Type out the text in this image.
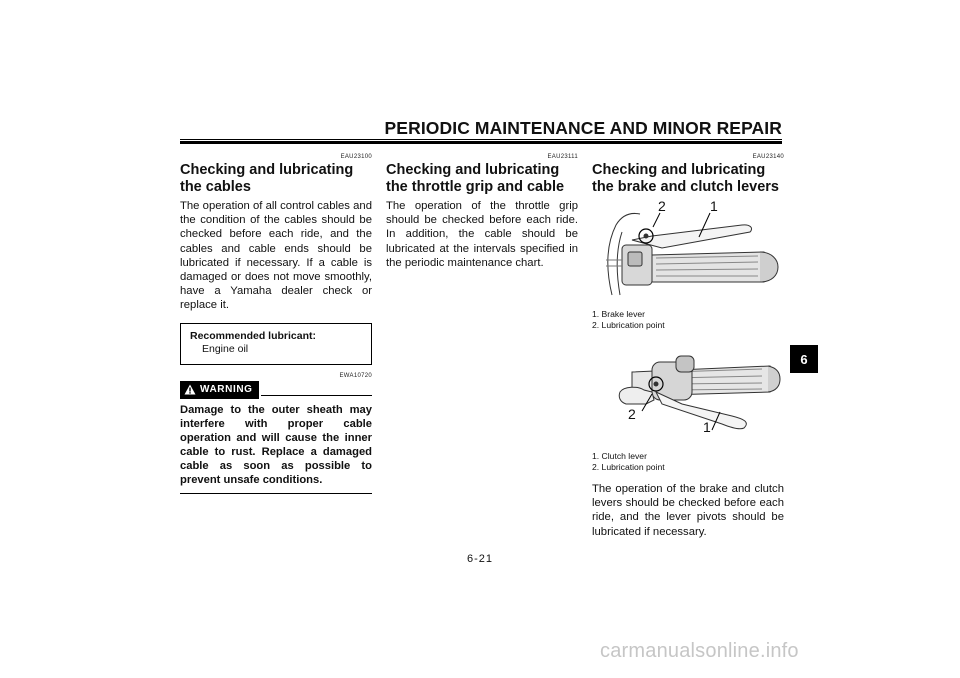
PERIODIC MAINTENANCE AND MINOR REPAIR
EAU23100
Checking and lubricating the cables

The operation of all control cables and the condition of the cables should be checked before each ride, and the cables and cable ends should be lubricated if necessary. If a cable is damaged or does not move smoothly, have a Yamaha dealer check or replace it.

Recommended lubricant:
Engine oil
EWA10720
WARNING

Damage to the outer sheath may interfere with proper cable operation and will cause the inner cable to rust. Replace a damaged cable as soon as possible to prevent unsafe conditions.

EAU23111
Checking and lubricating the throttle grip and cable

The operation of the throttle grip should be checked before each ride. In addition, the cable should be lubricated at the intervals specified in the periodic maintenance chart.

EAU23140
Checking and lubricating the brake and clutch levers
2	1
1. Brake lever
2. Lubrication point
2
1
1. Clutch lever
2. Lubrication point

The operation of the brake and clutch levers should be checked before each ride, and the lever pivots should be lubricated if necessary.

6
6-21
carmanualsonline.info
